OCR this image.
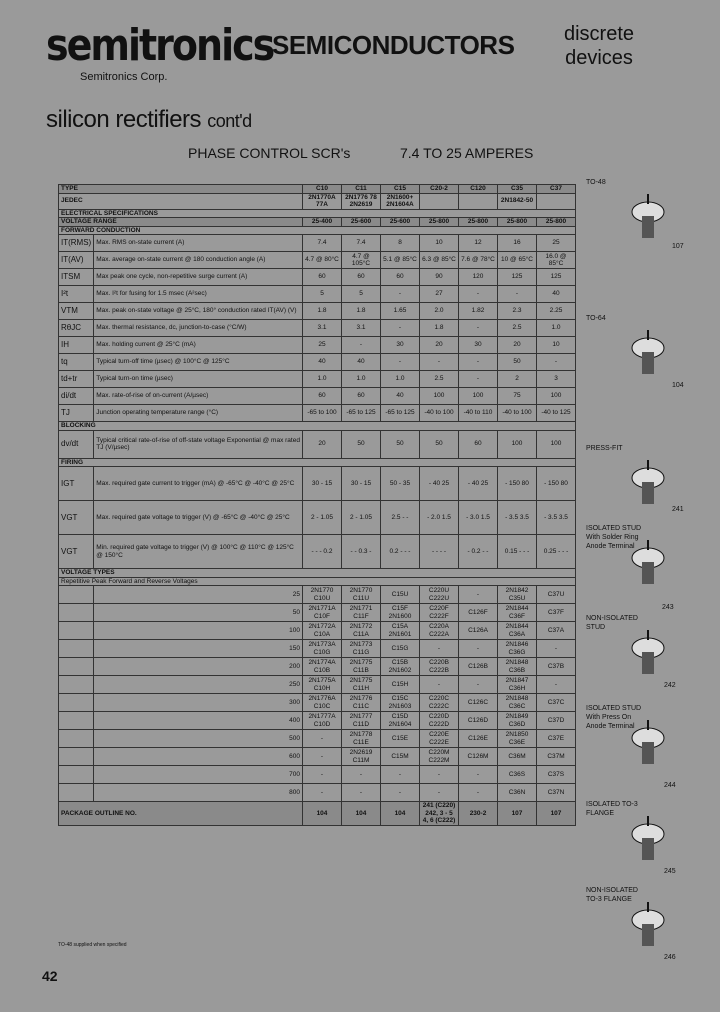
semitronics
Semitronics Corp.
SEMICONDUCTORS discrete devices
silicon rectifiers cont'd
PHASE CONTROL SCR's	7.4 TO 25 AMPERES
TYPE		C10	C11	C15	C20-2	C120	C35	C37
JEDEC		2N1770A 77A	2N1776 78 2N2619	2N1600+ 2N1604A			2N1842-50	
ELECTRICAL SPECIFICATIONS								
VOLTAGE RANGE		25-400	25-600	25-600	25-800	25-800	25-800	25-800
FORWARD CONDUCTION								
IT(RMS)	Max. RMS on-state current (A)	7.4	7.4	8	10	12	16	25
IT(AV)	Max. average on-state current @ 180 conduction angle (A)	4.7 @ 80°C	4.7 @ 105°C	5.1 @ 85°C	6.3 @ 85°C	7.6 @ 78°C	10 @ 65°C	16.0 @ 85°C
ITSM	Max peak one cycle, non-repetitive surge current (A)	60	60	60	90	120	125	125
I²t	Max. I²t for fusing for 1.5 msec (A²sec)	5	5	-	27	-	-	40
VTM	Max. peak on-state voltage @ 25°C, 180° conduction rated IT(AV) (V)	1.8	1.8	1.65	2.0	1.82	2.3	2.25
RθJC	Max. thermal resistance, dc, junction-to-case (°C/W)	3.1	3.1	-	1.8	-	2.5	1.0
IH	Max. holding current @ 25°C (mA)	25	-	30	20	30	20	10
tq	Typical turn-off time (µsec) @ 100°C @ 125°C	40	40	-	-	-	50	-
td+tr	Typical turn-on time (µsec)	1.0	1.0	1.0	2.5	-	2	3
di/dt	Max. rate-of-rise of on-current (A/µsec)	60	60	40	100	100	75	100
TJ	Junction operating temperature range (°C)	-65 to 100	-65 to 125	-65 to 125	-40 to 100	-40 to 110	-40 to 100	-40 to 125
BLOCKING								
dv/dt	Typical critical rate-of-rise of off-state voltage Exponential @ max rated TJ (V/µsec)	20	50	50	50	60	100	100
FIRING								
IGT	Max. required gate current to trigger (mA) @ -65°C @ -40°C @ 25°C	30 - 15	30 - 15	50 - 35	- 40 25	- 40 25	- 150 80	- 150 80
VGT	Max. required gate voltage to trigger (V) @ -65°C @ -40°C @ 25°C	2 - 1.05	2 - 1.05	2.5 - -	- 2.0 1.5	- 3.0 1.5	- 3.5 3.5	- 3.5 3.5
VGT	Min. required gate voltage to trigger (V) @ 100°C @ 110°C @ 125°C @ 150°C	- - - 0.2	- - 0.3 -	0.2 - - -	- - - -	- 0.2 - -	0.15 - - -	0.25 - - -
VOLTAGE TYPES								
Repetitive Peak Forward and Reverse Voltages								
	25	2N1770 C10U	2N1770 C11U	C15U	C220U C222U	-	2N1842 C35U	C37U
	50	2N1771A C10F	2N1771 C11F	C15F 2N1600	C220F C222F	C126F	2N1844 C36F	C37F
	100	2N1772A C10A	2N1772 C11A	C15A 2N1601	C220A C222A	C126A	2N1844 C36A	C37A
	150	2N1773A C10G	2N1773 C11G	C15G	-	-	2N1846 C36G	-
	200	2N1774A C10B	2N1775 C11B	C15B 2N1602	C220B C222B	C126B	2N1848 C36B	C37B
	250	2N1775A C10H	2N1775 C11H	C15H	-	-	2N1847 C36H	-
	300	2N1776A C10C	2N1776 C11C	C15C 2N1603	C220C C222C	C126C	2N1848 C36C	C37C
	400	2N1777A C10D	2N1777 C11D	C15D 2N1604	C220D C222D	C126D	2N1849 C36D	C37D
	500	-	2N1778 C11E	C15E	C220E C222E	C126E	2N1850 C36E	C37E
	600	-	2N2619 C11M	C15M	C220M C222M	C126M	C36M	C37M
	700	-	-	-	-	-	C36S	C37S
	800	-	-	-	-	-	C36N	C37N
PACKAGE OUTLINE NO.		104	104	104	241 (C220) 242, 3 - 5 4, 6 (C222)	230-2	107	107
TO-48 supplied when specified
42
TO-48
107
TO-64
104
PRESS-FIT
241
ISOLATED STUD With Solder Ring Anode Terminal
243
NON-ISOLATED STUD
242
ISOLATED STUD With Press On Anode Terminal
244
ISOLATED TO-3 FLANGE
245
NON-ISOLATED TO-3 FLANGE
246
